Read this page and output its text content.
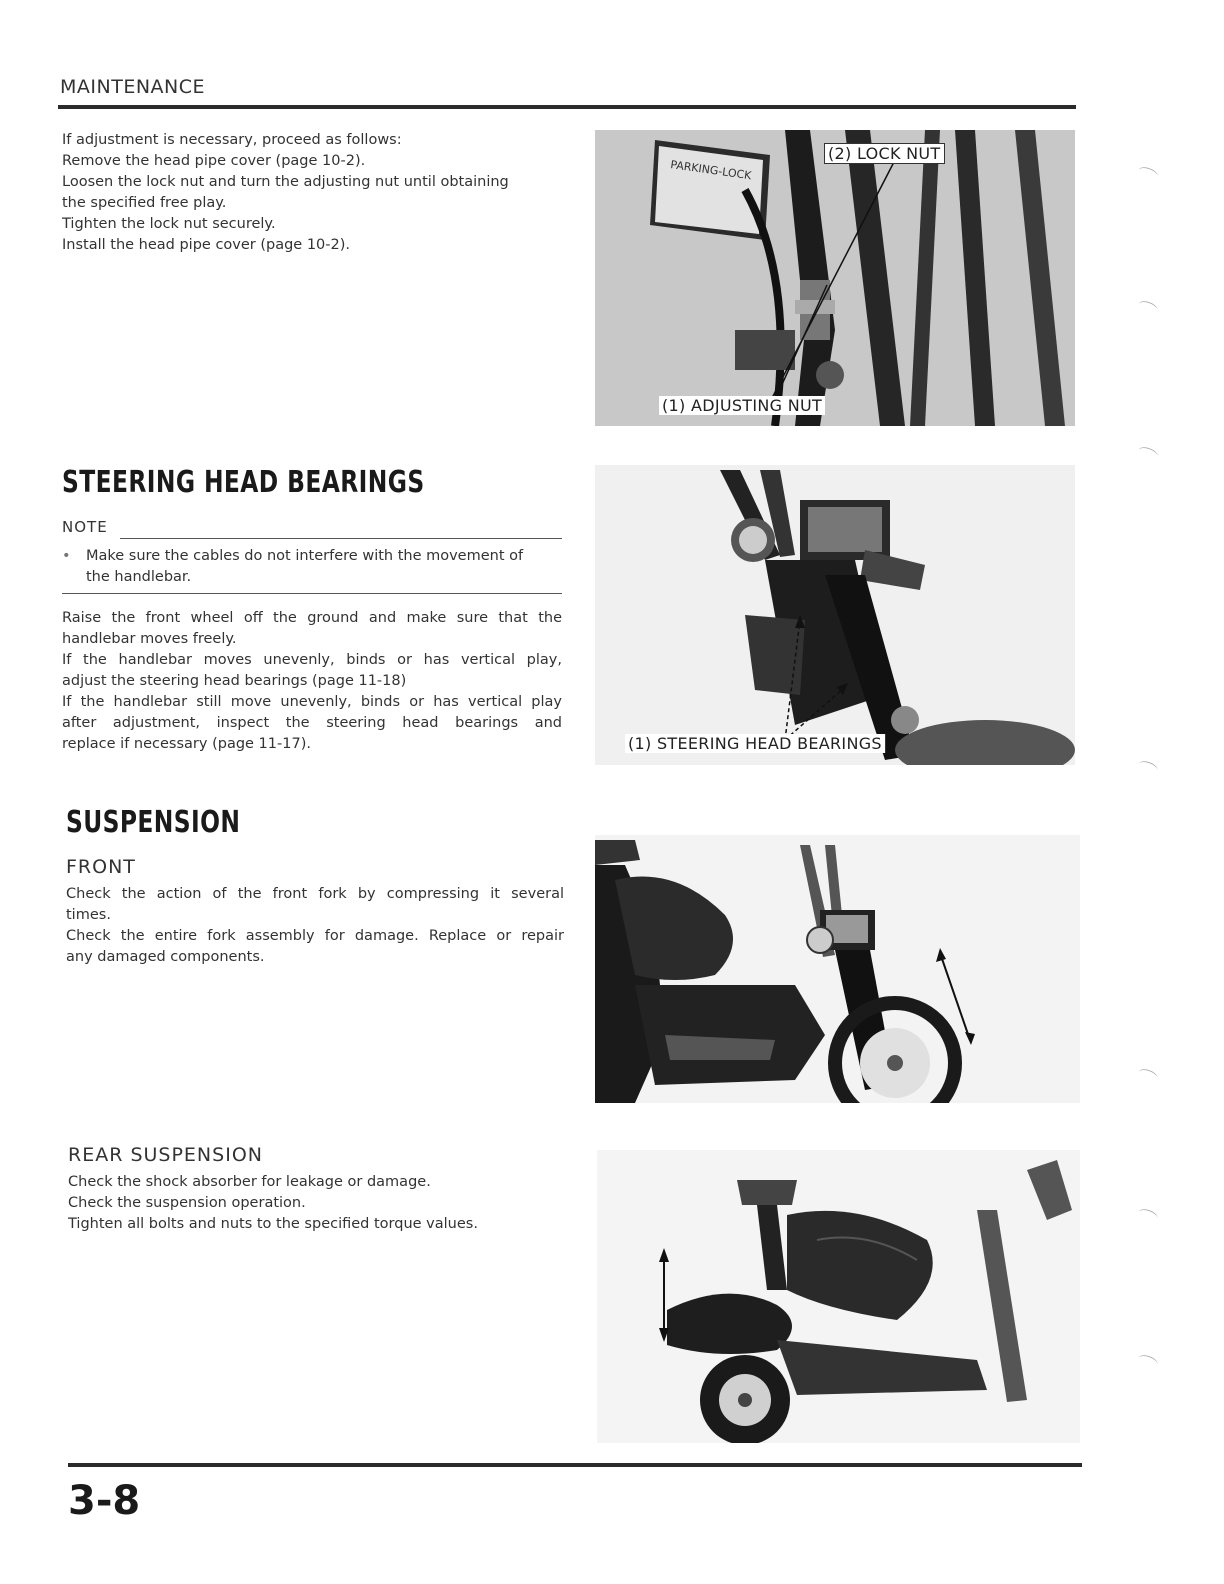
MAINTENANCE
If adjustment is necessary, proceed as follows:
Remove the head pipe cover (page 10-2).
Loosen the lock nut and turn the adjusting nut until obtaining
the specified free play.
Tighten the lock nut securely.
Install the head pipe cover (page 10-2).
PARKING-LOCK
(2) LOCK NUT
(1) ADJUSTING NUT
STEERING HEAD BEARINGS
NOTE
• Make sure the cables do not interfere with the movement of
the handlebar.
Raise the front wheel off the ground and make sure that the
handlebar moves freely.
If the handlebar moves unevenly, binds or has vertical play,
adjust the steering head bearings (page 11-18)
If the handlebar still move unevenly, binds or has vertical play
after adjustment, inspect the steering head bearings and
replace if necessary (page 11-17).	(1) STEERING HEAD BEARINGS
SUSPENSION
FRONT
Check the action of the front fork by compressing it several
times.
Check the entire fork assembly for damage. Replace or repair
any damaged components.
REAR SUSPENSION
Check the shock absorber for leakage or damage.
Check the suspension operation.
Tighten all bolts and nuts to the specified torque values.
3-8
